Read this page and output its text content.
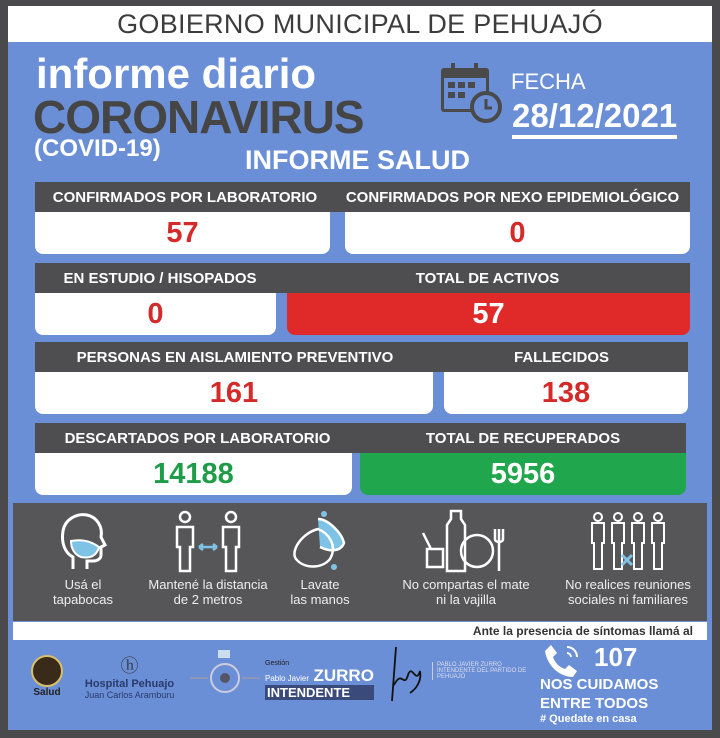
GOBIERNO MUNICIPAL DE PEHUAJÓ
informe diario
CORONAVIRUS
(COVID-19)	INFORME SALUD
FECHA
28/12/2021
CONFIRMADOS POR LABORATORIO	CONFIRMADOS POR NEXO EPIDEMIOLÓGICO
57	0
EN ESTUDIO / HISOPADOS	TOTAL DE ACTIVOS
0	57
PERSONAS EN AISLAMIENTO PREVENTIVO	FALLECIDOS
161	138
DESCARTADOS POR LABORATORIO	TOTAL DE RECUPERADOS
14188	5956
Usá el
tapabocas
Mantené la distancia
de 2 metros
Lavate
las manos
No compartas el mate
ni la vajilla
No realices reuniones
sociales ni familiares
Ante la presencia de síntomas llamá al
Salud
ⓗ
Hospital Pehuajo
Juan Carlos Aramburu
Gestión
Pablo Javier ZURRO
INTENDENTE
PABLO JAVIER ZURRO INTENDENTE DEL PARTIDO DE PEHUAJÓ
107
NOS CUIDAMOS
ENTRE TODOS
# Quedate en casa
